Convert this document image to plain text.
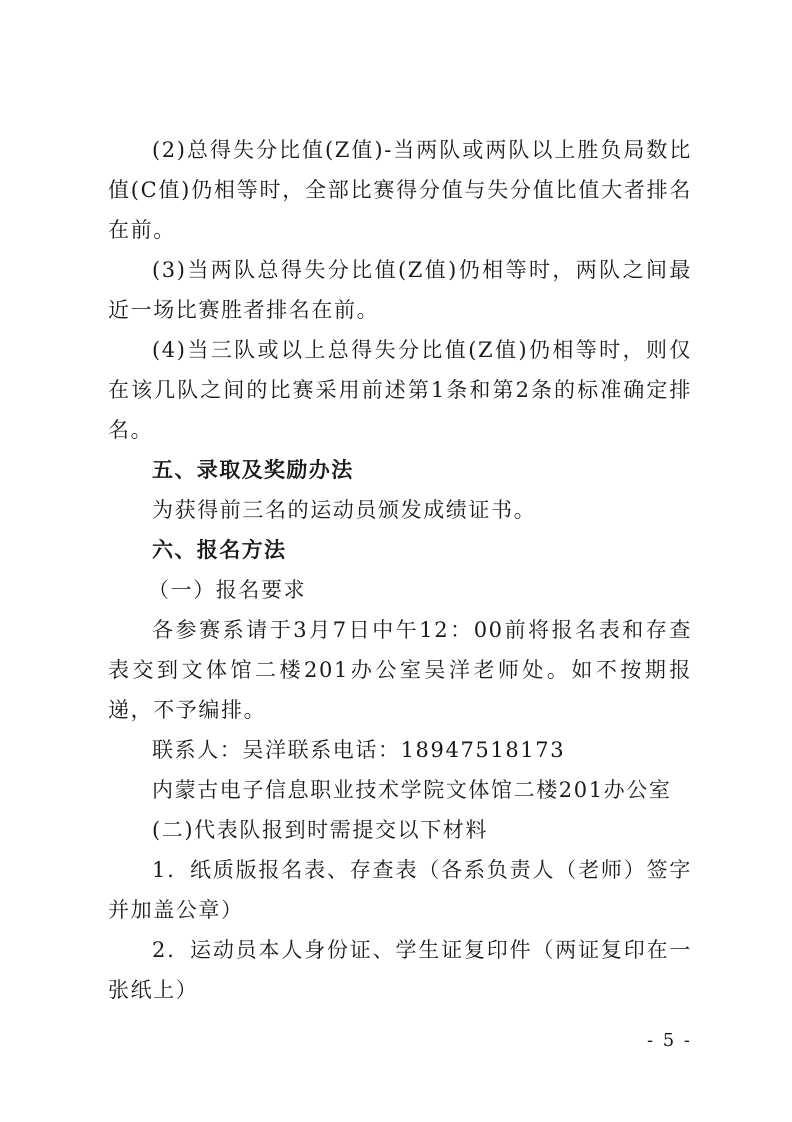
(2)总得失分比值(Z值)-当两队或两队以上胜负局数比值(C值)仍相等时，全部比赛得分值与失分值比值大者排名在前。

(3)当两队总得失分比值(Z值)仍相等时，两队之间最近一场比赛胜者排名在前。

(4)当三队或以上总得失分比值(Z值)仍相等时，则仅在该几队之间的比赛采用前述第1条和第2条的标准确定排名。

五、录取及奖励办法

为获得前三名的运动员颁发成绩证书。

六、报名方法

（一）报名要求

各参赛系请于3月7日中午12：00前将报名表和存查表交到文体馆二楼201办公室吴洋老师处。如不按期报递，不予编排。

联系人：吴洋联系电话：18947518173

内蒙古电子信息职业技术学院文体馆二楼201办公室

(二)代表队报到时需提交以下材料

1．纸质版报名表、存查表（各系负责人（老师）签字并加盖公章）

2．运动员本人身份证、学生证复印件（两证复印在一张纸上）

- 5 -
